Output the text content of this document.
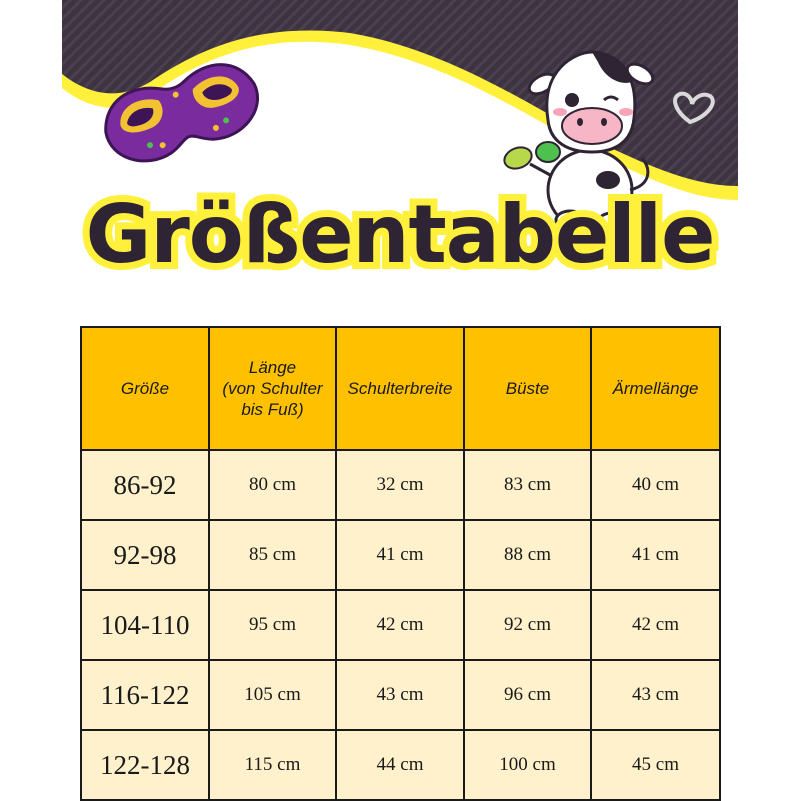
Größentabelle
Größe	Länge
(von Schulter
bis Fuß)	Schulterbreite	Büste	Ärmellänge
86-92	80 cm	32 cm	83 cm	40 cm
92-98	85 cm	41 cm	88 cm	41 cm
104-110	95 cm	42 cm	92 cm	42 cm
116-122	105 cm	43 cm	96 cm	43 cm
122-128	115 cm	44 cm	100 cm	45 cm
